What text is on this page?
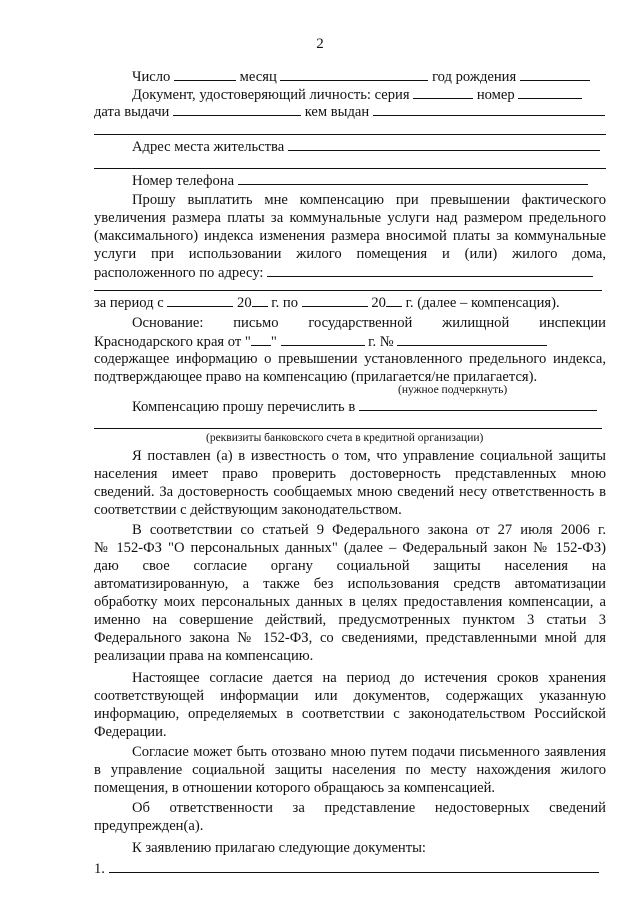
2
Число	месяц	год рождения
Документ, удостоверяющий личность: серия	номер
дата выдачи	кем выдан
Адрес места жительства
Номер телефона
Прошу выплатить мне компенсацию при превышении фактического
увеличения размера платы за коммунальные услуги над размером предельного
(максимального) индекса изменения размера вносимой платы за коммунальные
услуги при использовании жилого помещения и (или) жилого дома,
расположенного по адресу:
за период с	20 г. по	20 г. (далее – компенсация).
Основание: письмо государственной жилищной инспекции
Краснодарского края от " "	г. №
содержащее информацию о превышении установленного предельного индекса,
подтверждающее право на компенсацию (прилагается/не прилагается).
(нужное подчеркнуть)
Компенсацию прошу перечислить в
(реквизиты банковского счета в кредитной организации)
Я поставлен (а) в известность о том, что управление социальной защиты
населения имеет право проверить достоверность представленных мною
сведений. За достоверность сообщаемых мною сведений несу ответственность в
соответствии с действующим законодательством.
В соответствии со статьей 9 Федерального закона от 27 июля 2006 г.
№ 152-ФЗ "О персональных данных" (далее – Федеральный закон № 152-ФЗ)
даю свое согласие органу социальной защиты населения на
автоматизированную, а также без использования средств автоматизации
обработку моих персональных данных в целях предоставления компенсации, а
именно на совершение действий, предусмотренных пунктом 3 статьи 3
Федерального закона № 152-ФЗ, со сведениями, представленными мной для
реализации права на компенсацию.
Настоящее согласие дается на период до истечения сроков хранения
соответствующей информации или документов, содержащих указанную
информацию, определяемых в соответствии с законодательством Российской
Федерации.
Согласие может быть отозвано мною путем подачи письменного заявления
в управление социальной защиты населения по месту нахождения жилого
помещения, в отношении которого обращаюсь за компенсацией.
Об ответственности за представление недостоверных сведений
предупрежден(а).
К заявлению прилагаю следующие документы:
1.
